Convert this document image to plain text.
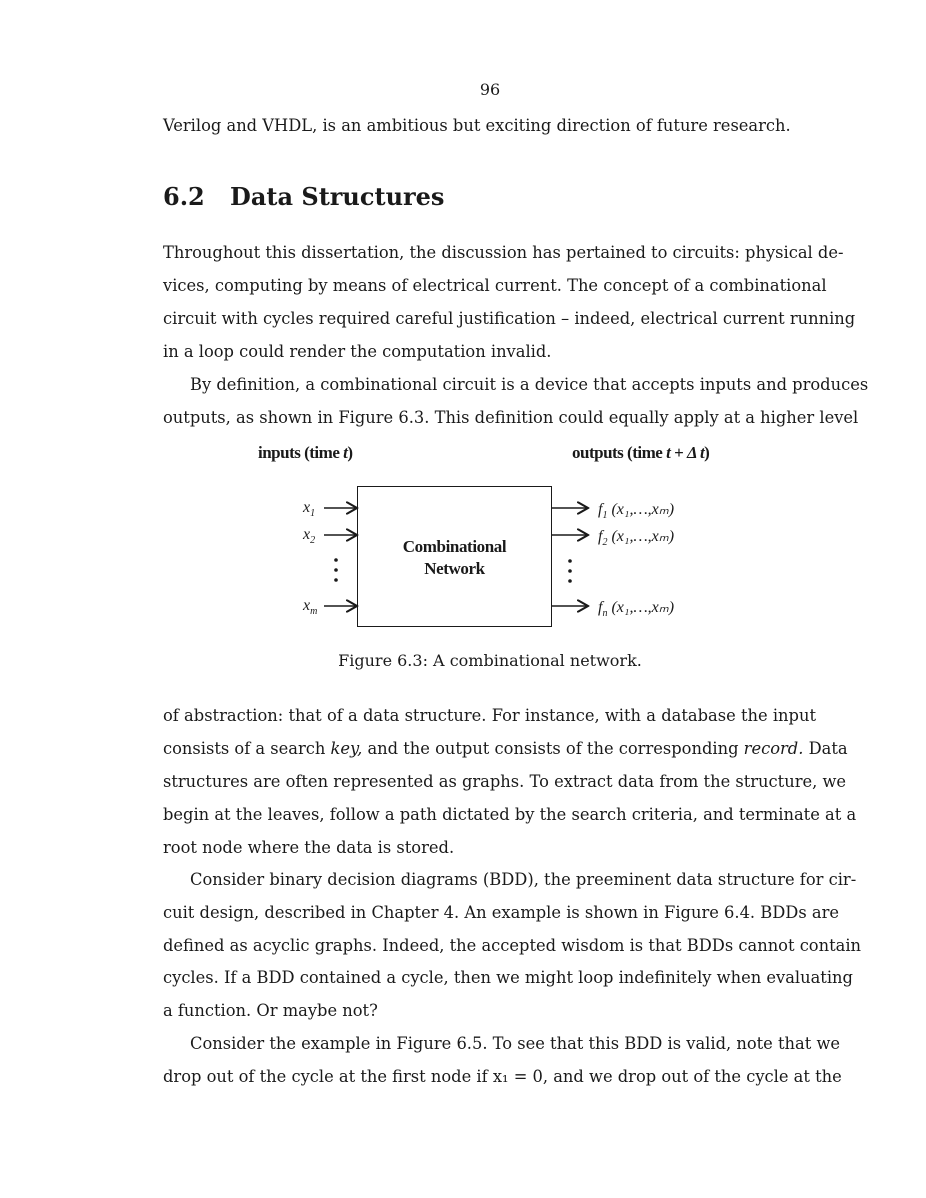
96
Verilog and VHDL, is an ambitious but exciting direction of future research.
6.2 Data Structures
Throughout this dissertation, the discussion has pertained to circuits: physical de-
vices, computing by means of electrical current. The concept of a combinational
circuit with cycles required careful justification – indeed, electrical current running
in a loop could render the computation invalid.
By definition, a combinational circuit is a device that accepts inputs and produces
outputs, as shown in Figure 6.3. This definition could equally apply at a higher level
inputs (time t)	outputs (time t + Δ t)
Combinational
Network
$x_1$
$x_2$
$x_m$
$f_1$ (x₁,…,xₘ)
$f_2$ (x₁,…,xₘ)
$f_n$ (x₁,…,xₘ)
Figure 6.3: A combinational network.
of abstraction: that of a data structure. For instance, with a database the input
consists of a search key, and the output consists of the corresponding record. Data
structures are often represented as graphs. To extract data from the structure, we
begin at the leaves, follow a path dictated by the search criteria, and terminate at a
root node where the data is stored.
Consider binary decision diagrams (BDD), the preeminent data structure for cir-
cuit design, described in Chapter 4. An example is shown in Figure 6.4. BDDs are
defined as acyclic graphs. Indeed, the accepted wisdom is that BDDs cannot contain
cycles. If a BDD contained a cycle, then we might loop indefinitely when evaluating
a function. Or maybe not?
Consider the example in Figure 6.5. To see that this BDD is valid, note that we
drop out of the cycle at the first node if x₁ = 0, and we drop out of the cycle at the
